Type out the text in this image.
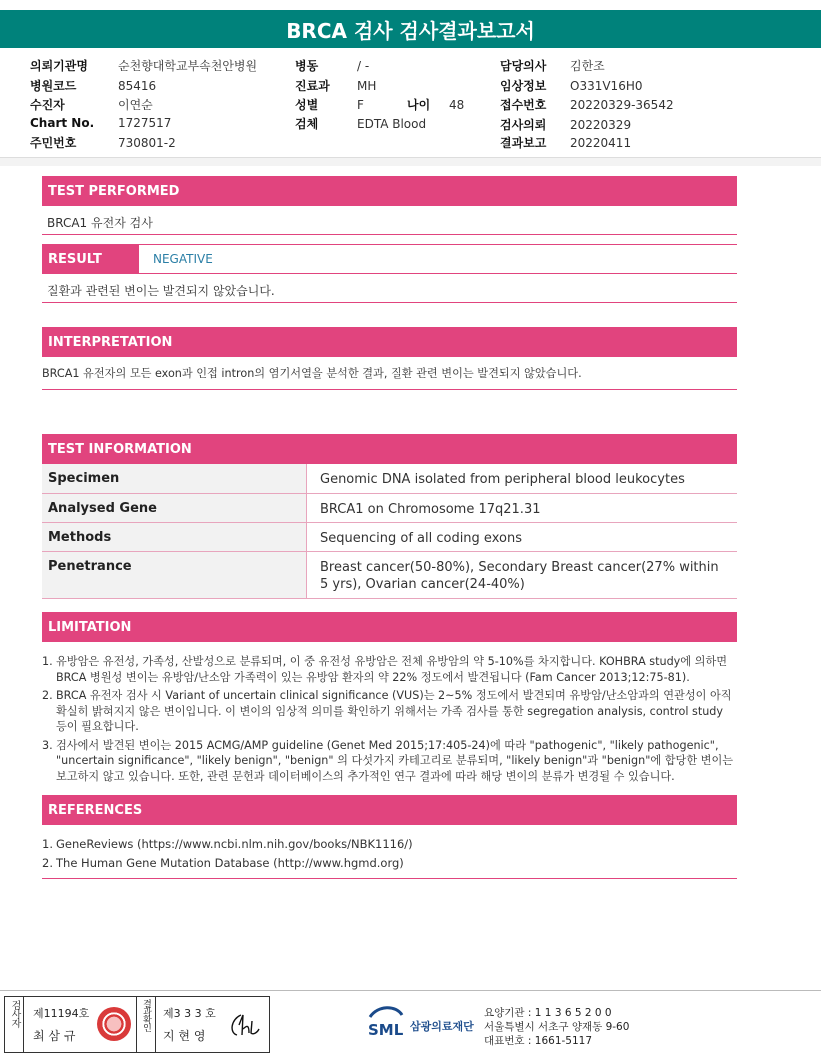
BRCA 검사 검사결과보고서
의뢰기관명	순천향대학교부속천안병원
병원코드	85416
수진자	이연순
Chart No. 1727517
주민번호	730801-2
병동	/ -
진료과 MH
성별	F	나이 48
검체	EDTA Blood
담당의사 김한조
임상정보 O331V16H0
접수번호 20220329-36542
검사의뢰 20220329
결과보고 20220411
TEST PERFORMED
BRCA1 유전자 검사
RESULT	NEGATIVE
질환과 관련된 변이는 발견되지 않았습니다.
INTERPRETATION
BRCA1 유전자의 모든 exon과 인접 intron의 염기서열을 분석한 결과, 질환 관련 변이는 발견되지 않았습니다.
TEST INFORMATION
Specimen	Genomic DNA isolated from peripheral blood leukocytes
Analysed Gene	BRCA1 on Chromosome 17q21.31
Methods	Sequencing of all coding exons
Penetrance	Breast cancer(50-80%), Secondary Breast cancer(27% within 5 yrs), Ovarian cancer(24-40%)
LIMITATION
1. 유방암은 유전성, 가족성, 산발성으로 분류되며, 이 중 유전성 유방암은 전체 유방암의 약 5-10%를 차지합니다. KOHBRA study에 의하면 BRCA 병원성 변이는 유방암/난소암 가족력이 있는 유방암 환자의 약 22% 정도에서 발견됩니다 (Fam Cancer 2013;12:75-81).
2. BRCA 유전자 검사 시 Variant of uncertain clinical significance (VUS)는 2~5% 정도에서 발견되며 유방암/난소암과의 연관성이 아직 확실히 밝혀지지 않은 변이입니다. 이 변이의 임상적 의미를 확인하기 위해서는 가족 검사를 통한 segregation analysis, control study 등이 필요합니다.
3. 검사에서 발견된 변이는 2015 ACMG/AMP guideline (Genet Med 2015;17:405-24)에 따라 "pathogenic", "likely pathogenic", "uncertain significance", "likely benign", "benign" 의 다섯가지 카테고리로 분류되며, "likely benign"과 "benign"에 합당한 변이는 보고하지 않고 있습니다. 또한, 관련 문헌과 데이터베이스의 추가적인 연구 결과에 따라 해당 변이의 분류가 변경될 수 있습니다.
REFERENCES
1. GeneReviews (https://www.ncbi.nlm.nih.gov/books/NBK1116/)
2. The Human Gene Mutation Database (http://www.hgmd.org)
검사자 제11194호
최 삼 규
결과확인 제3 3 3 호
지 현 영	SML 삼광의료재단
요양기관 : 1 1 3 6 5 2 0 0
서울특별시 서초구 양재동 9-60
대표번호 : 1661-5117
